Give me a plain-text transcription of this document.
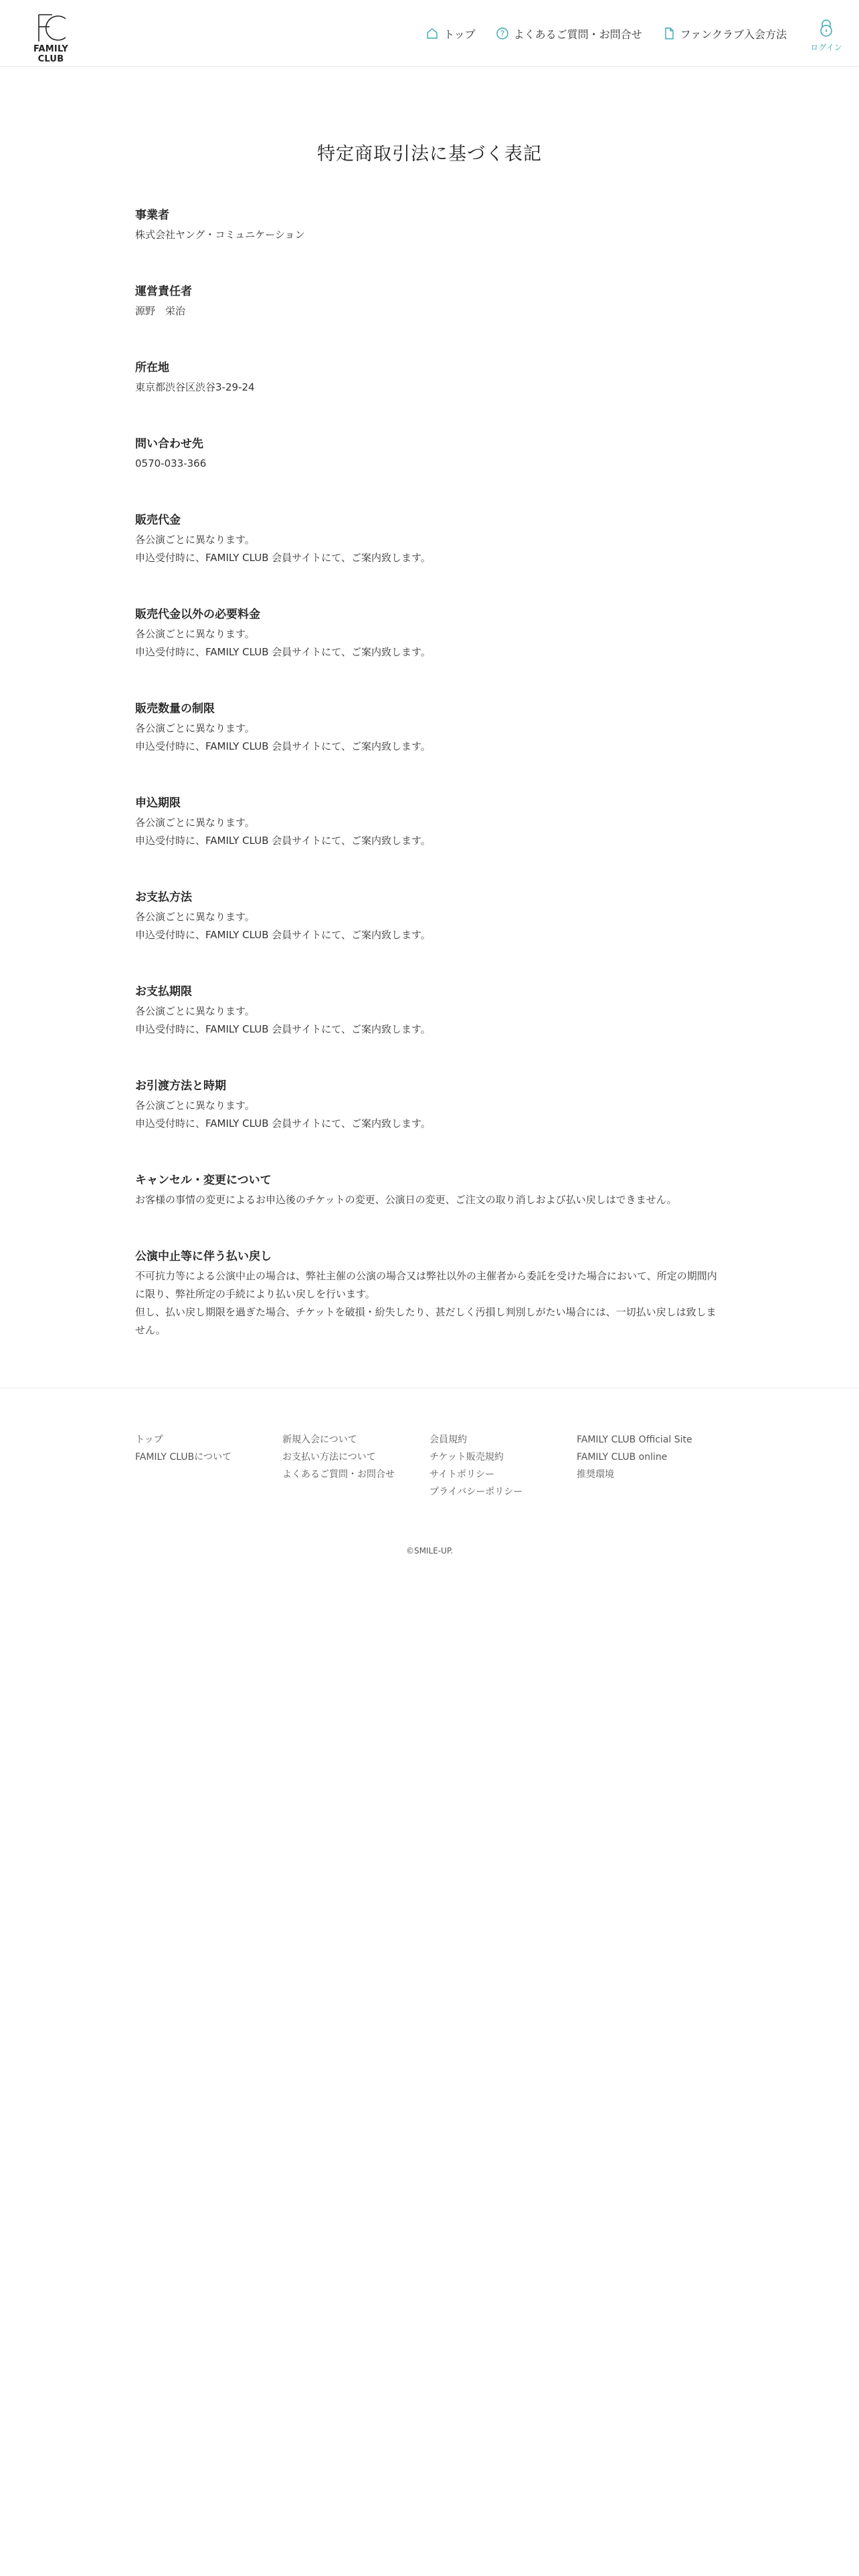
FAMILY CLUB
トップ	? よくあるご質問・お問合せ	ファンクラブ入会方法
ログイン
特定商取引法に基づく表記
事業者

株式会社ヤング・コミュニケーション

運営責任者

源野　栄治

所在地

東京都渋谷区渋谷3-29-24

問い合わせ先

0570-033-366

販売代金

各公演ごとに異なります。

申込受付時に、FAMILY CLUB 会員サイトにて、ご案内致します。

販売代金以外の必要料金

各公演ごとに異なります。

申込受付時に、FAMILY CLUB 会員サイトにて、ご案内致します。

販売数量の制限

各公演ごとに異なります。

申込受付時に、FAMILY CLUB 会員サイトにて、ご案内致します。

申込期限

各公演ごとに異なります。

申込受付時に、FAMILY CLUB 会員サイトにて、ご案内致します。

お支払方法

各公演ごとに異なります。

申込受付時に、FAMILY CLUB 会員サイトにて、ご案内致します。

お支払期限

各公演ごとに異なります。

申込受付時に、FAMILY CLUB 会員サイトにて、ご案内致します。

お引渡方法と時期

各公演ごとに異なります。

申込受付時に、FAMILY CLUB 会員サイトにて、ご案内致します。

キャンセル・変更について

お客様の事情の変更によるお申込後のチケットの変更、公演日の変更、ご注文の取り消しおよび払い戻しはできません。

公演中止等に伴う払い戻し

不可抗力等による公演中止の場合は、弊社主催の公演の場合又は弊社以外の主催者から委託を受けた場合において、所定の期間内に限り、弊社所定の手続により払い戻しを行います。

但し、払い戻し期限を過ぎた場合、チケットを破損・紛失したり、甚だしく汚損し判別しがたい場合には、一切払い戻しは致しません。

トップ
FAMILY CLUBについて
新規入会について
お支払い方法について
よくあるご質問・お問合せ
会員規約
チケット販売規約
サイトポリシー
プライバシーポリシー
FAMILY CLUB Official Site
FAMILY CLUB online
推奨環境

©SMILE-UP.
